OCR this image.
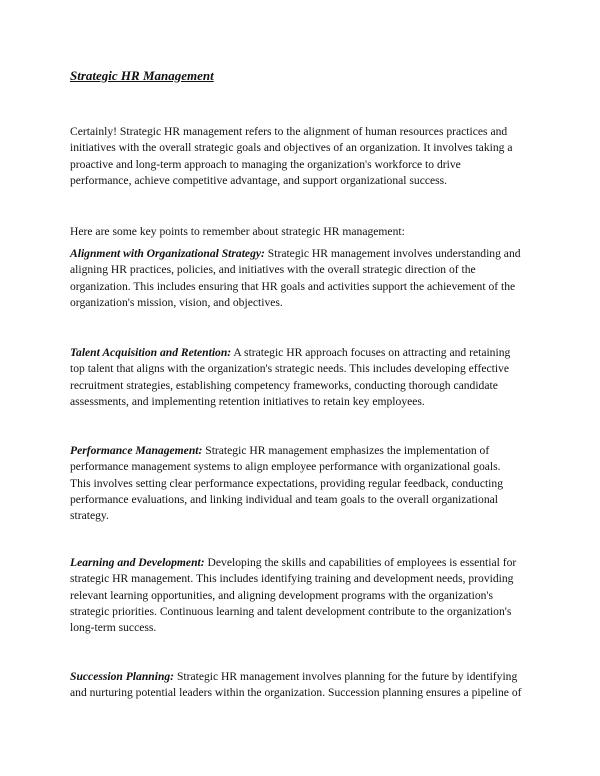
Strategic HR Management

Certainly! Strategic HR management refers to the alignment of human resources practices and
initiatives with the overall strategic goals and objectives of an organization. It involves taking a
proactive and long-term approach to managing the organization's workforce to drive
performance, achieve competitive advantage, and support organizational success.

Here are some key points to remember about strategic HR management:

Alignment with Organizational Strategy: Strategic HR management involves understanding and
aligning HR practices, policies, and initiatives with the overall strategic direction of the
organization. This includes ensuring that HR goals and activities support the achievement of the
organization's mission, vision, and objectives.

Talent Acquisition and Retention: A strategic HR approach focuses on attracting and retaining
top talent that aligns with the organization's strategic needs. This includes developing effective
recruitment strategies, establishing competency frameworks, conducting thorough candidate
assessments, and implementing retention initiatives to retain key employees.

Performance Management: Strategic HR management emphasizes the implementation of
performance management systems to align employee performance with organizational goals.
This involves setting clear performance expectations, providing regular feedback, conducting
performance evaluations, and linking individual and team goals to the overall organizational
strategy.

Learning and Development: Developing the skills and capabilities of employees is essential for
strategic HR management. This includes identifying training and development needs, providing
relevant learning opportunities, and aligning development programs with the organization's
strategic priorities. Continuous learning and talent development contribute to the organization's
long-term success.

Succession Planning: Strategic HR management involves planning for the future by identifying
and nurturing potential leaders within the organization. Succession planning ensures a pipeline of
